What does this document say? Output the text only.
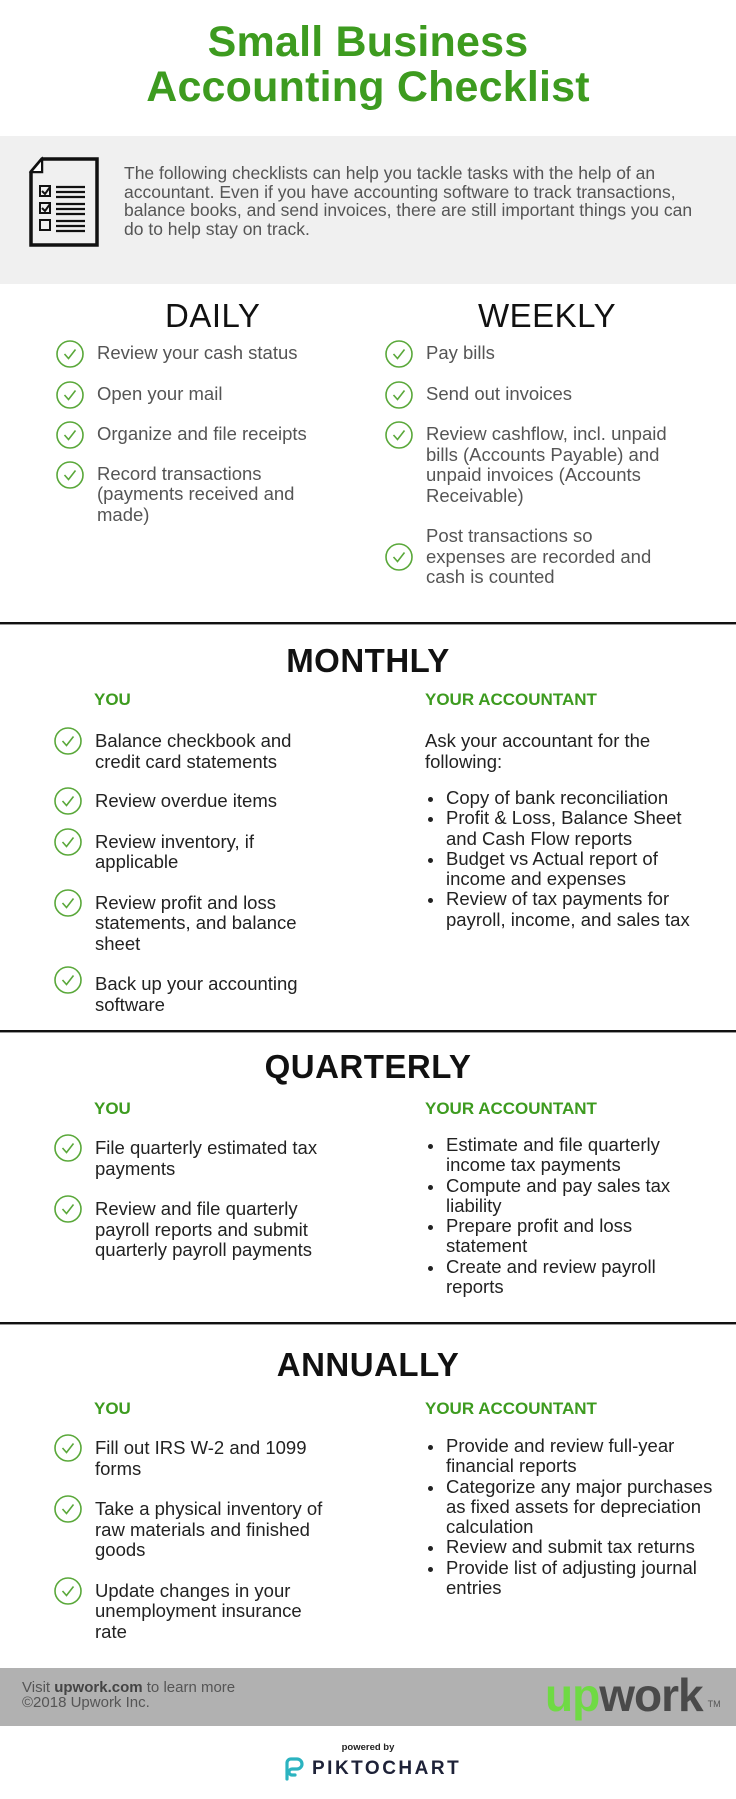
Small Business
Accounting Checklist

The following checklists can help you tackle tasks with the help of an accountant. Even if you have accounting software to track transactions, balance books, and send invoices, there are still important things you can do to help stay on track.

DAILY
Review your cash status
Open your mail
Organize and file receipts
Record transactions (payments received and made)
WEEKLY
Pay bills
Send out invoices
Review cashflow, incl. unpaid bills (Accounts Payable) and unpaid invoices (Accounts Receivable)
Post transactions so expenses are recorded and cash is counted
MONTHLY
YOU	YOUR ACCOUNTANT
Balance checkbook and credit card statements
Review overdue items
Review inventory, if applicable
Review profit and loss statements, and balance sheet
Back up your accounting software

Ask your accountant for the following:

Copy of bank reconciliation
Profit & Loss, Balance Sheet and Cash Flow reports
Budget vs Actual report of income and expenses
Review of tax payments for payroll, income, and sales tax
QUARTERLY
YOU	YOUR ACCOUNTANT
File quarterly estimated tax payments
Review and file quarterly payroll reports and submit quarterly payroll payments
Estimate and file quarterly income tax payments
Compute and pay sales tax liability
Prepare profit and loss statement
Create and review payroll reports
ANNUALLY
YOU	YOUR ACCOUNTANT
Fill out IRS W-2 and 1099 forms
Take a physical inventory of raw materials and finished goods
Update changes in your unemployment insurance rate
Provide and review full-year financial reports
Categorize any major purchases as fixed assets for depreciation calculation
Review and submit tax returns
Provide list of adjusting journal entries
Visit upwork.com to learn more
©2018 Upwork Inc.	upwork TM
powered by
PIKTOCHART
